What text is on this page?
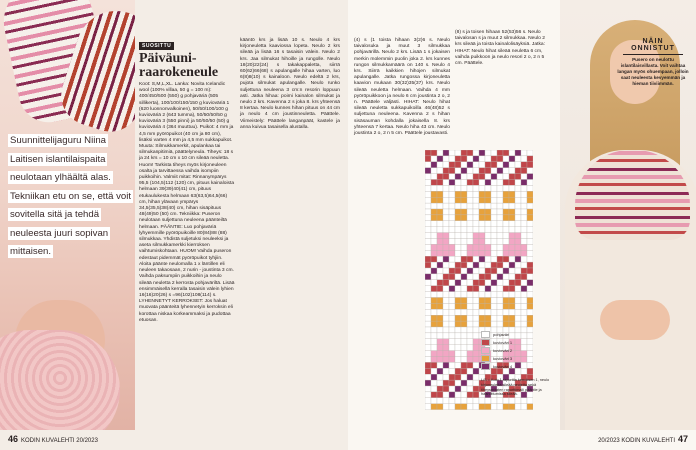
Suunnittelijaguru Niina Laitisen islantilaispaita neulotaan ylhäältä alas. Tekniikan etu on se, että voit sovitella sitä ja tehdä neuleesta juuri sopivan mittaisen.
SUOSITTU
Päiväuni-
raarokeneule
Koot: S,M,L,XL. Lanka: Novita Icelandic wool (100% villaa, 50 g = 100 m): 400/450/500 (550) g pohjaväriä (505 sillikerta), 100/100/150/150 g kuvioväriä 1 (620 luonnonvalkoinen), 50/50/100/100 g kuvioväriä 2 (643 tumma), 50/50/50/50 g kuvioväriä 3 (550 pinni) ja 50/50/50 (50) g kuvioväriä 4 (364 muuttuu). Puikot: 4 mm ja 4,5 mm pyöröpuikot (40 cm ja 80 cm), lisäksi varten 4 mm ja 4,5 mm sukkapuikot. Muuta: Silmukkamerkit, apulankaa tai silmukanpitimiä, päättelyneula. Tiheys: 18 s ja 24 krs = 10 cm x 10 cm sileää neuletta. Huom! Tarkista tiheys myös kirjoneuleen osalta ja tarvittaessa vaihda isompiin puikkoihin. Valmiit mitat: Rinnanympärys 95,5 (104,5)112 (120) cm, pituus kainaloista helmaan 39(39)40(41) cm, pituus etukaulukesta helmaan 63(63,5)64,5(66) cm, hihan ylävaan ympärys 34,5(35,5)38(40) cm, hihan sisäpituus 48(49)50 (50) cm. Tekniikka: Puseron neulotaan suljettuna neuleena päänteiltä helmaan. PÄÄNTIE: Luo pohjaväriä lyhyemmille pyöröpuikoille 80(84)88 (88) silmukkaa. Yhdistä suljetuksi neuleeksi ja aseta silmukkamerkki kierroksen vaihtumiskohtaan. HUOM! Vaihda puseron edestaut pidemmät pyöröpuikot tyhjiin. Aloita päänte neulomalla 1 x läntillen eli neuleen takaosaan, 2 nurin - joustinta 3 cm. Vaihda paksumpiin puikkoihin ja neulo sileää neuletta 2 kerrosta pohjaväriltä. Lisää ensimmäisellä kerralla tasaisin välein lyhien 16(16)20(26) s =96(102)108(114) s. LYHENNETYT KERROKSET: Jos haluat muovata päänteitä lyhennetyin kerroksin eli korottaa niskaa korkeammaksi ja pudottaa etuosan.
kääntö krs ja lisää 10 s. Neulo 4 krs kirjoneuletta kaaviossa lopeta. Neulo 2 krs sileää ja lisää 16 s tasaisin välein. Neulo 2 krs. Jaa silmukat hihoille ja rungolle. Neulo 18(20)22(24) s takakappaletta, siirrä 60(62)66(68) s apulangalle hihaa varten, luo 6(8)8(10) s kainaloon. Neulo edeltä 2 krs, pujota silmukat apulangalle. Neulo runko suljettuna neuleena 3 cm:n resorin loppuun asti. Jatka hihaa: poimi kainalon silmukat ja neulo 2 krs. Kavenna 2 s joka 8. krs yhteensä 8 kertaa. Neulo kunnes hihan pituus on 44 cm ja neulo 4 cm joustinneuletta. Päättele. Viimeistely: Päättele langanpäät, kastele ja anna kuivua tasaisella alustalla.
46 KODIN KUVALEHTI 20/2023
(4) s (1 toista hihaan 3(2)6 s. Neulo taivalosuka ja muut 3 silmukkaa pohjavärillä. Neulo 2 krs. Lisää 1 s jokaisen merkin molemmin puolin joka 2. krs kunnes rungon silmukkamäärä on 140 s. Neulo 4 krs. Siirrä kaikkien hihojen silmukat apulangalle. Jatka rungossa kirjoneuletta kaavion mukaan 30(32)35(37) krs. Neulo sileää neuletta helmaan. Vaihda 4 mm pyöröpuikkoon ja neulo 6 cm joustinta 2 o, 2 n. Päättele väljästi. HIHAT: Neulo hihat sileää neuletta sukkapuikoilla 46(48)52 s suljettuna neuleena. Kavenna 2 s hihan sisäsauman kohdalla jokaisella 8. krs yhteensä 7 kertaa. Neulo hiha 43 cm. Neulo joustinta 2 o, 2 n 5 cm. Päättele joustavasti.
(8) s ja toisen hihaan 52(53)56 s. Neulo taivalosan s ja muut 2 silmukkaa. Neulo 2 krs sileää ja toista kainalolisäyksiä. Jatka: HIHAT: Neulo hihat sileää neuletta 6 cm, vaihda puikkoon ja neulo resori 2 o, 2 n 5 cm. Päättele.
pohjaväri
kuvioväri 1
kuvioväri 2
kuvioväri 3
kuvioväri 4
L/S = Kolo 1 raporttia kerroksen 1, neulo kirjoneuletta sileää neuletta sekä tiheysmitaten raporttimalli pääntie ja haaroittumissa sileää.
NÄIN
ONNISTUT
Pusero on neulottu islantilaisvillasta. Voit vaihtaa langan myös ohuempaan, jolloin saat neuleesta kevyemmän ja hieman tiiviimmän.
20/2023 KODIN KUVALEHTI 47
